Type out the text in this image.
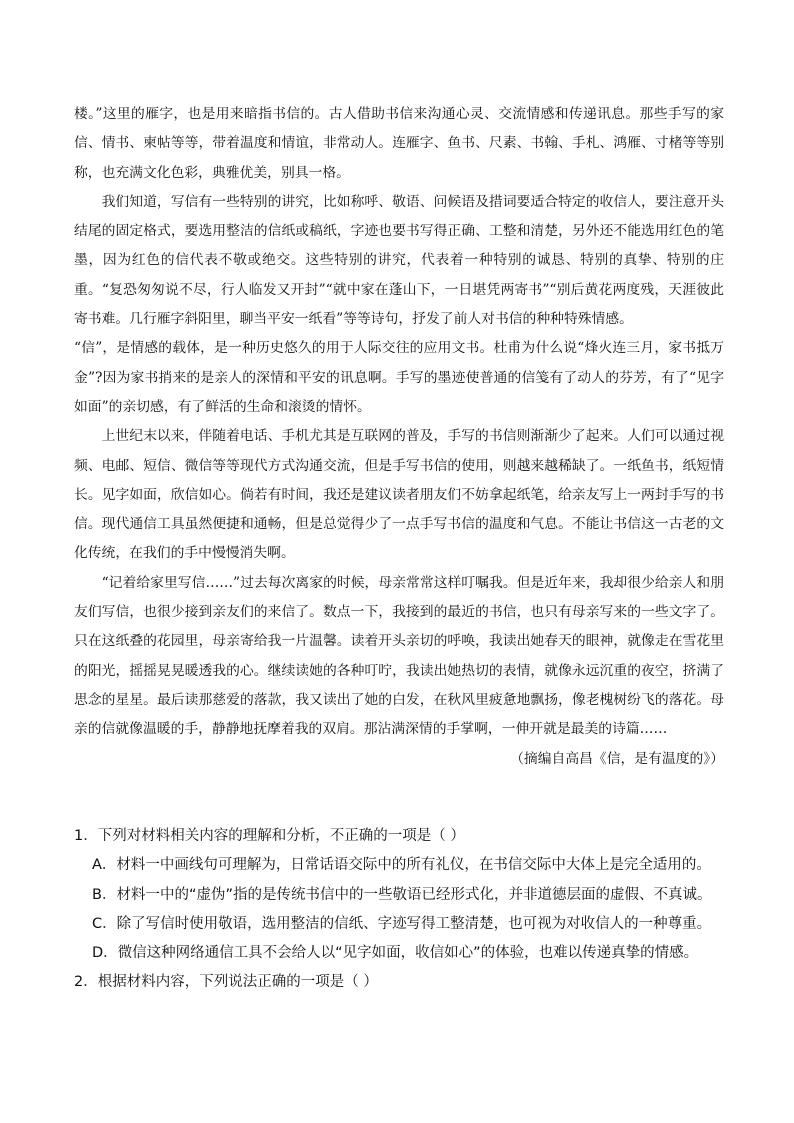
楼。”这里的雁字，也是用来暗指书信的。古人借助书信来沟通心灵、交流情感和传递讯息。那些手写的家信、情书、柬帖等等，带着温度和情谊，非常动人。连雁字、鱼书、尺素、书翰、手札、鸿雁、寸楮等等别称，也充满文化色彩，典雅优美，别具一格。

我们知道，写信有一些特别的讲究，比如称呼、敬语、问候语及措词要适合特定的收信人，要注意开头结尾的固定格式，要选用整洁的信纸或稿纸，字迹也要书写得正确、工整和清楚，另外还不能选用红色的笔墨，因为红色的信代表不敬或绝交。这些特别的讲究，代表着一种特别的诚恳、特别的真挚、特别的庄重。“复恐匆匆说不尽，行人临发又开封”“就中家在蓬山下，一日堪凭两寄书”“别后黄花两度残，天涯彼此寄书难。几行雁字斜阳里，聊当平安一纸看”等等诗句，抒发了前人对书信的种种特殊情感。

“信”，是情感的载体，是一种历史悠久的用于人际交往的应用文书。杜甫为什么说“烽火连三月，家书抵万金”?因为家书捎来的是亲人的深情和平安的讯息啊。手写的墨迹使普通的信笺有了动人的芬芳，有了“见字如面”的亲切感，有了鲜活的生命和滚烫的情怀。

上世纪末以来，伴随着电话、手机尤其是互联网的普及，手写的书信则渐渐少了起来。人们可以通过视频、电邮、短信、微信等等现代方式沟通交流，但是手写书信的使用，则越来越稀缺了。一纸鱼书，纸短情长。见字如面，欣信如心。倘若有时间，我还是建议读者朋友们不妨拿起纸笔，给亲友写上一两封手写的书信。现代通信工具虽然便捷和通畅，但是总觉得少了一点手写书信的温度和气息。不能让书信这一古老的文化传统，在我们的手中慢慢消失啊。

“记着给家里写信……”过去每次离家的时候，母亲常常这样叮嘱我。但是近年来，我却很少给亲人和朋友们写信，也很少接到亲友们的来信了。数点一下，我接到的最近的书信，也只有母亲写来的一些文字了。只在这纸叠的花园里，母亲寄给我一片温馨。读着开头亲切的呼唤，我读出她春天的眼神，就像走在雪花里的阳光，摇摇晃晃暖透我的心。继续读她的各种叮咛，我读出她热切的表情，就像永远沉重的夜空，挤满了思念的星星。最后读那慈爱的落款，我又读出了她的白发，在秋风里疲惫地飘扬，像老槐树纷飞的落花。母亲的信就像温暖的手，静静地抚摩着我的双肩。那沾满深情的手掌啊，一伸开就是最美的诗篇……

（摘编自高昌《信，是有温度的》）

1．下列对材料相关内容的理解和分析，不正确的一项是（ ）

A．材料一中画线句可理解为，日常话语交际中的所有礼仪，在书信交际中大体上是完全适用的。

B．材料一中的“虚伪”指的是传统书信中的一些敬语已经形式化，并非道德层面的虚假、不真诚。

C．除了写信时使用敬语，选用整洁的信纸、字迹写得工整清楚，也可视为对收信人的一种尊重。

D．微信这种网络通信工具不会给人以“见字如面，收信如心”的体验，也难以传递真挚的情感。

2．根据材料内容，下列说法正确的一项是（ ）
